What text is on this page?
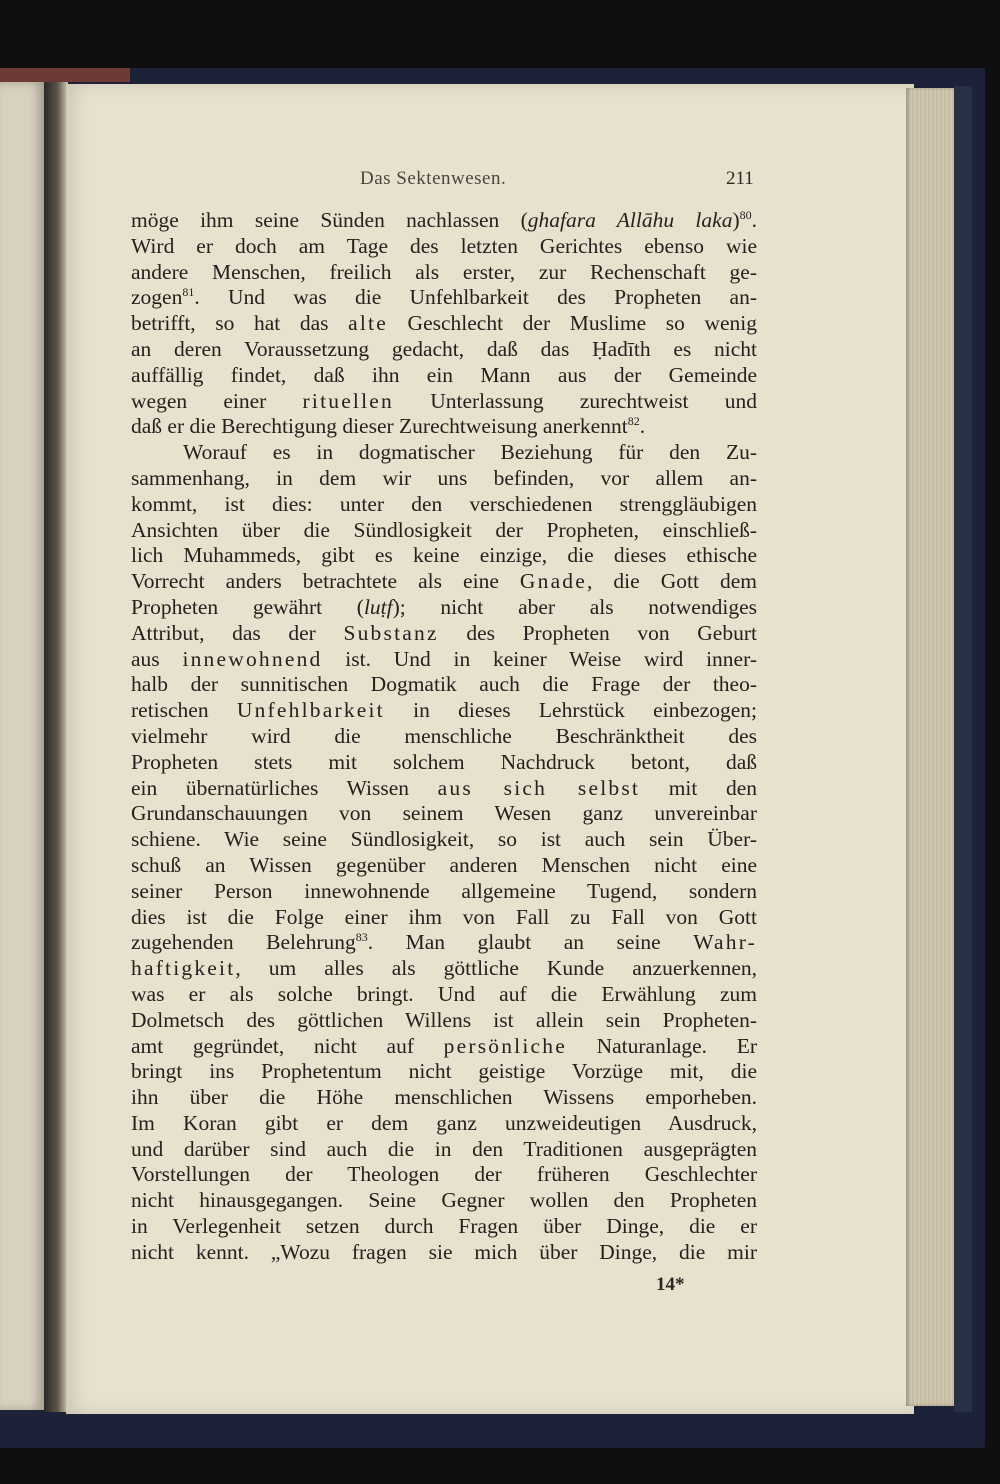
Das Sektenwesen.	211
möge ihm seine Sünden nachlassen (ghafara Allāhu laka)$^{80}$.
Wird er doch am Tage des letzten Gerichtes ebenso wie
andere Menschen, freilich als erster, zur Rechenschaft ge-
zogen$^{81}$. Und was die Unfehlbarkeit des Propheten an-
betrifft, so hat das alte Geschlecht der Muslime so wenig
an deren Voraussetzung gedacht, daß das Ḥadīth es nicht
auffällig findet, daß ihn ein Mann aus der Gemeinde
wegen einer rituellen Unterlassung zurechtweist und
daß er die Berechtigung dieser Zurechtweisung anerkennt$^{82}$.
Worauf es in dogmatischer Beziehung für den Zu-
sammenhang, in dem wir uns befinden, vor allem an-
kommt, ist dies: unter den verschiedenen strenggläubigen
Ansichten über die Sündlosigkeit der Propheten, einschließ-
lich Muhammeds, gibt es keine einzige, die dieses ethische
Vorrecht anders betrachtete als eine Gnade, die Gott dem
Propheten gewährt (luṭf); nicht aber als notwendiges
Attribut, das der Substanz des Propheten von Geburt
aus innewohnend ist. Und in keiner Weise wird inner-
halb der sunnitischen Dogmatik auch die Frage der theo-
retischen Unfehlbarkeit in dieses Lehrstück einbezogen;
vielmehr wird die menschliche Beschränktheit des
Propheten stets mit solchem Nachdruck betont, daß
ein übernatürliches Wissen aus sich selbst mit den
Grundanschauungen von seinem Wesen ganz unvereinbar
schiene. Wie seine Sündlosigkeit, so ist auch sein Über-
schuß an Wissen gegenüber anderen Menschen nicht eine
seiner Person innewohnende allgemeine Tugend, sondern
dies ist die Folge einer ihm von Fall zu Fall von Gott
zugehenden Belehrung$^{83}$. Man glaubt an seine Wahr-
haftigkeit, um alles als göttliche Kunde anzuerkennen,
was er als solche bringt. Und auf die Erwählung zum
Dolmetsch des göttlichen Willens ist allein sein Propheten-
amt gegründet, nicht auf persönliche Naturanlage. Er
bringt ins Prophetentum nicht geistige Vorzüge mit, die
ihn über die Höhe menschlichen Wissens emporheben.
Im Koran gibt er dem ganz unzweideutigen Ausdruck,
und darüber sind auch die in den Traditionen ausgeprägten
Vorstellungen der Theologen der früheren Geschlechter
nicht hinausgegangen. Seine Gegner wollen den Propheten
in Verlegenheit setzen durch Fragen über Dinge, die er
nicht kennt. „Wozu fragen sie mich über Dinge, die mir
14*
